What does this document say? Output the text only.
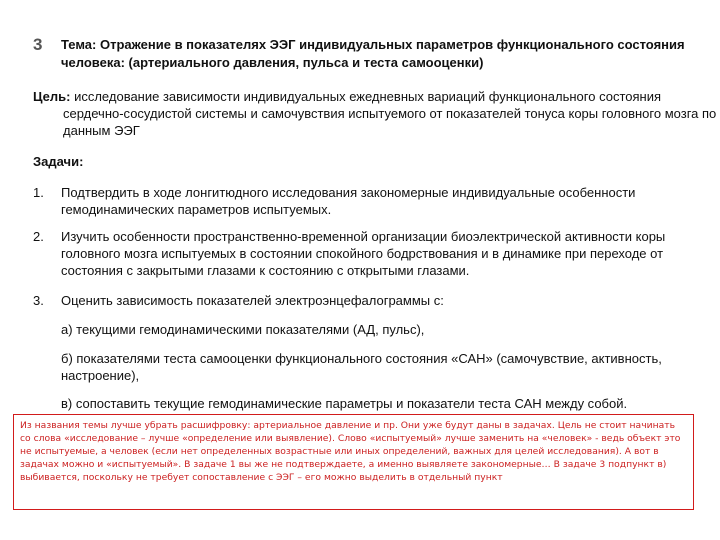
3 Тема: Отражение в показателях ЭЭГ индивидуальных параметров функционального состояния человека: (артериального давления, пульса и теста самооценки)
Цель: исследование зависимости индивидуальных ежедневных вариаций функционального состояния сердечно-сосудистой системы и самочувствия испытуемого от показателей тонуса коры головного мозга по данным ЭЭГ
Задачи:
1. Подтвердить в ходе лонгитюдного исследования закономерные индивидуальные особенности гемодинамических параметров испытуемых.
2. Изучить особенности пространственно-временной организации биоэлектрической активности коры головного мозга испытуемых в состоянии спокойного бодрствования и в динамике при переходе от состояния с закрытыми глазами к состоянию с открытыми глазами.
3. Оценить зависимость показателей электроэнцефалограммы с:
а) текущими гемодинамическими показателями (АД, пульс),
б) показателями теста самооценки функционального состояния «САН» (самочувствие, активность, настроение),
в) сопоставить текущие гемодинамические параметры и показатели теста САН между собой.
Из названия темы лучше убрать расшифровку: артериальное давление и пр. Они уже будут даны в задачах. Цель не стоит начинать со слова «исследование – лучше «определение или выявление). Слово «испытуемый» лучше заменить на «человек» - ведь объект это не испытуемые, а человек (если нет определенных возрастные или иных определений, важных для целей исследования). А вот в задачах можно и «испытуемый». В задаче 1 вы же не подтверждаете, а именно выявляете закономерные… В задаче 3 подпункт в) выбивается, поскольку не требует сопоставление с ЭЭГ – его можно выделить в отдельный пункт
